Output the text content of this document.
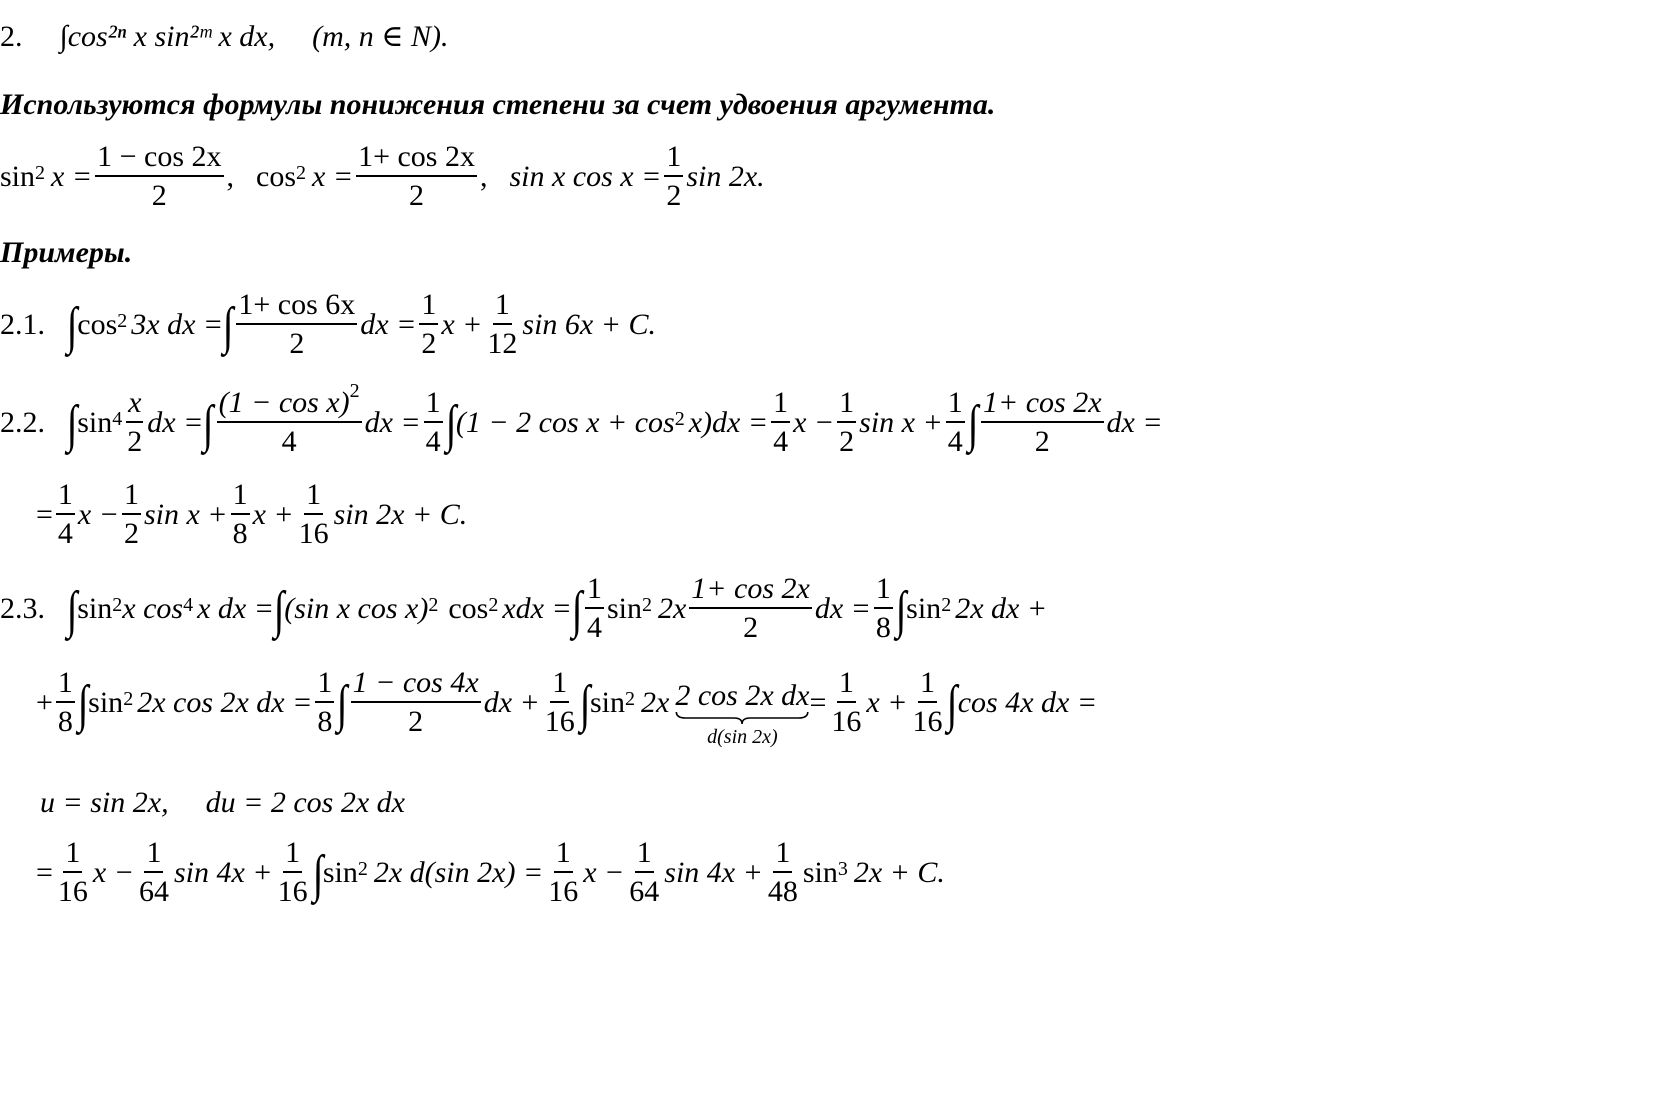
2. ∫cos²ⁿ x sin²ᵐ x dx, (m, n ∈ N).
Используются формулы понижения степени за счет удвоения аргумента.
$\sin^2 x = \frac{1 - \cos 2x}{2}$ , $\cos^2 x = \frac{1+ \cos 2x}{2}$ , sin x $\cos x = \frac{1}{2}$ sin 2x.
Примеры.
2.1. ∫ $\cos^2 3x$ dx = ∫ $\frac{1+ \cos 6x}{2}$ dx = $\frac{1}{2}$ $x + \frac{1}{12}$ sin 6x + C.
2.2. ∫ $\sin^4 \frac{x}{2}$ dx = ∫ $\frac{(1 - \cos x)^2}{4}$ dx = $\frac{1}{4}$ ∫ (1 − 2 $\cos x + \cos^2 x)dx = \frac{1}{4}$ $x - \frac{1}{2}$ $\sin x + \frac{1}{4}$ ∫ $\frac{1+ \cos 2x}{2}$ dx =
= $\frac{1}{4}$ $x - \frac{1}{2}$ $\sin x + \frac{1}{8}$ $x + \frac{1}{16}$ sin 2x + C.
2.3. ∫ $\sin^2 x$ $\cos^4 x$ dx = ∫ (sin x cos x)$^2$ $\cos^2$ xdx = ∫ $\frac{1}{4} \sin^2 2x \frac{1+ \cos 2x}{2}$ dx = $\frac{1}{8}$ ∫ $\sin^2 2x$ dx +
+ $\frac{1}{8}$ ∫ $\sin^2 2x$ cos 2x dx = $\frac{1}{8}$ ∫ $\frac{1 - \cos 4x}{2}$ dx + $\frac{1}{16}$ ∫ $\sin^2 2x$ 2 cos 2x dx
d(sin 2x)
= $\frac{1}{16}$ $x + \frac{1}{16}$ ∫ cos 4x dx =
u = sin 2x, du = 2 cos 2x dx
= $\frac{1}{16}$ $x - \frac{1}{64}$ $\sin 4x + \frac{1}{16}$ ∫ $\sin^2 2x$ d(sin $2x) = \frac{1}{16}$ $x - \frac{1}{64}$ $\sin 4x + \frac{1}{48} \sin^3 2x + C$.
